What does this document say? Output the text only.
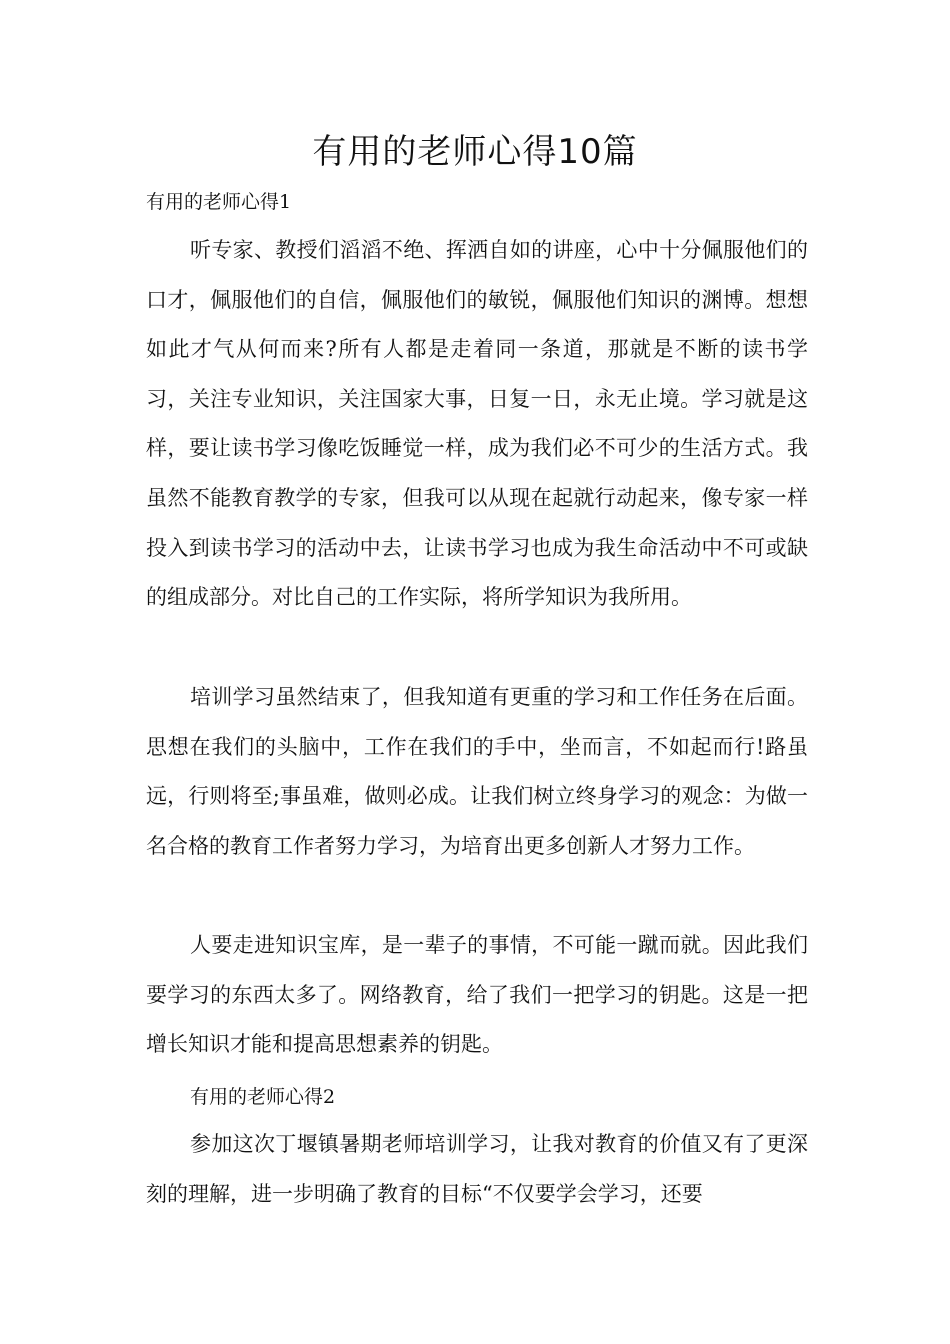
有用的老师心得10篇
有用的老师心得1

听专家、教授们滔滔不绝、挥洒自如的讲座，心中十分佩服他们的口才，佩服他们的自信，佩服他们的敏锐，佩服他们知识的渊博。想想如此才气从何而来?所有人都是走着同一条道，那就是不断的读书学习，关注专业知识，关注国家大事，日复一日，永无止境。学习就是这样，要让读书学习像吃饭睡觉一样，成为我们必不可少的生活方式。我虽然不能教育教学的专家，但我可以从现在起就行动起来，像专家一样投入到读书学习的活动中去，让读书学习也成为我生命活动中不可或缺的组成部分。对比自己的工作实际，将所学知识为我所用。

培训学习虽然结束了，但我知道有更重的学习和工作任务在后面。思想在我们的头脑中，工作在我们的手中，坐而言，不如起而行!路虽远，行则将至;事虽难，做则必成。让我们树立终身学习的观念：为做一名合格的教育工作者努力学习，为培育出更多创新人才努力工作。

人要走进知识宝库，是一辈子的事情，不可能一蹴而就。因此我们要学习的东西太多了。网络教育，给了我们一把学习的钥匙。这是一把增长知识才能和提高思想素养的钥匙。

有用的老师心得2

参加这次丁堰镇暑期老师培训学习，让我对教育的价值又有了更深刻的理解，进一步明确了教育的目标“不仅要学会学习，还要
